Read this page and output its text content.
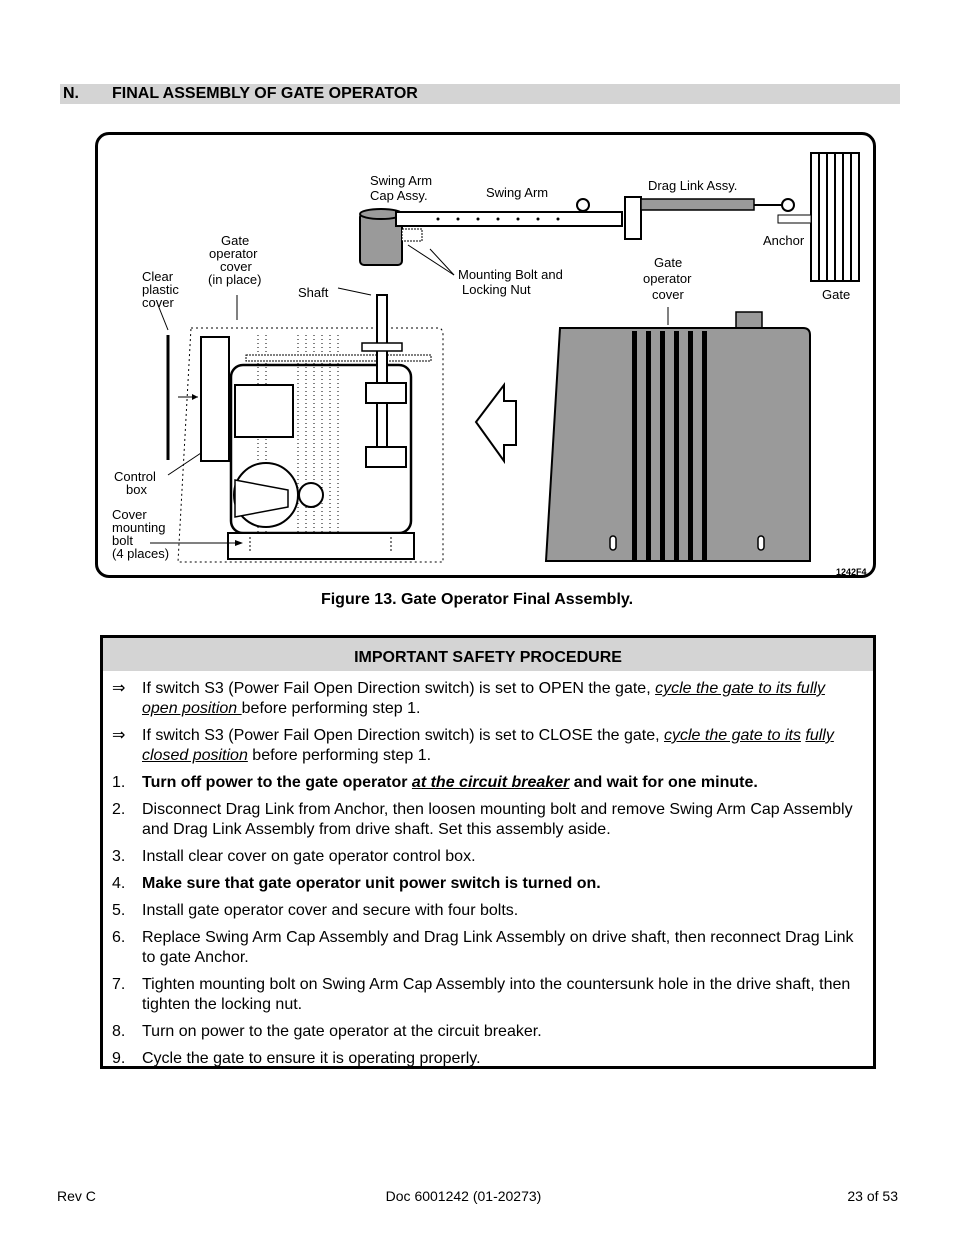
N. FINAL ASSEMBLY OF GATE OPERATOR
Swing Arm
Cap Assy.	Swing Arm	Drag Link Assy.
Anchor
Gate
operator
cover
(in place)
Clear
plastic
cover
Shaft
Mounting Bolt and
Locking Nut
Gate
operator
cover	Gate
Control
box
Cover
mounting
bolt
(4 places)
1242F4
Figure 13. Gate Operator Final Assembly.
IMPORTANT SAFETY PROCEDURE
⇒ If switch S3 (Power Fail Open Direction switch) is set to OPEN the gate, cycle the gate to its fully open position before performing step 1.
⇒ If switch S3 (Power Fail Open Direction switch) is set to CLOSE the gate, cycle the gate to its fully closed position before performing step 1.
1. Turn off power to the gate operator at the circuit breaker and wait for one minute.
2. Disconnect Drag Link from Anchor, then loosen mounting bolt and remove Swing Arm Cap Assembly and Drag Link Assembly from drive shaft. Set this assembly aside.
3. Install clear cover on gate operator control box.
4. Make sure that gate operator unit power switch is turned on.
5. Install gate operator cover and secure with four bolts.
6. Replace Swing Arm Cap Assembly and Drag Link Assembly on drive shaft, then reconnect Drag Link to gate Anchor.
7. Tighten mounting bolt on Swing Arm Cap Assembly into the countersunk hole in the drive shaft, then tighten the locking nut.
8. Turn on power to the gate operator at the circuit breaker.
9. Cycle the gate to ensure it is operating properly.
Rev C	Doc 6001242 (01-20273)	23 of 53
